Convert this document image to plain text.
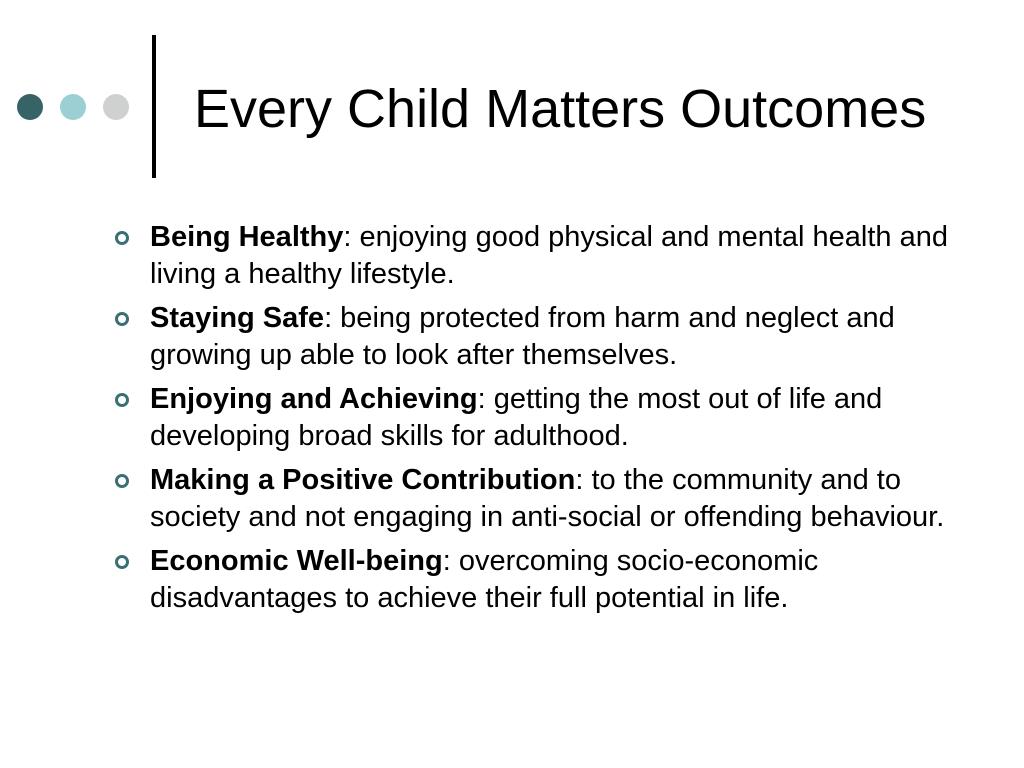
Every Child Matters Outcomes
Being Healthy: enjoying good physical and mental health and living a healthy lifestyle.
Staying Safe: being protected from harm and neglect and growing up able to look after themselves.
Enjoying and Achieving: getting the most out of life and developing broad skills for adulthood.
Making a Positive Contribution: to the community and to society and not engaging in anti-social or offending behaviour.
Economic Well-being: overcoming socio-economic disadvantages to achieve their full potential in life.
